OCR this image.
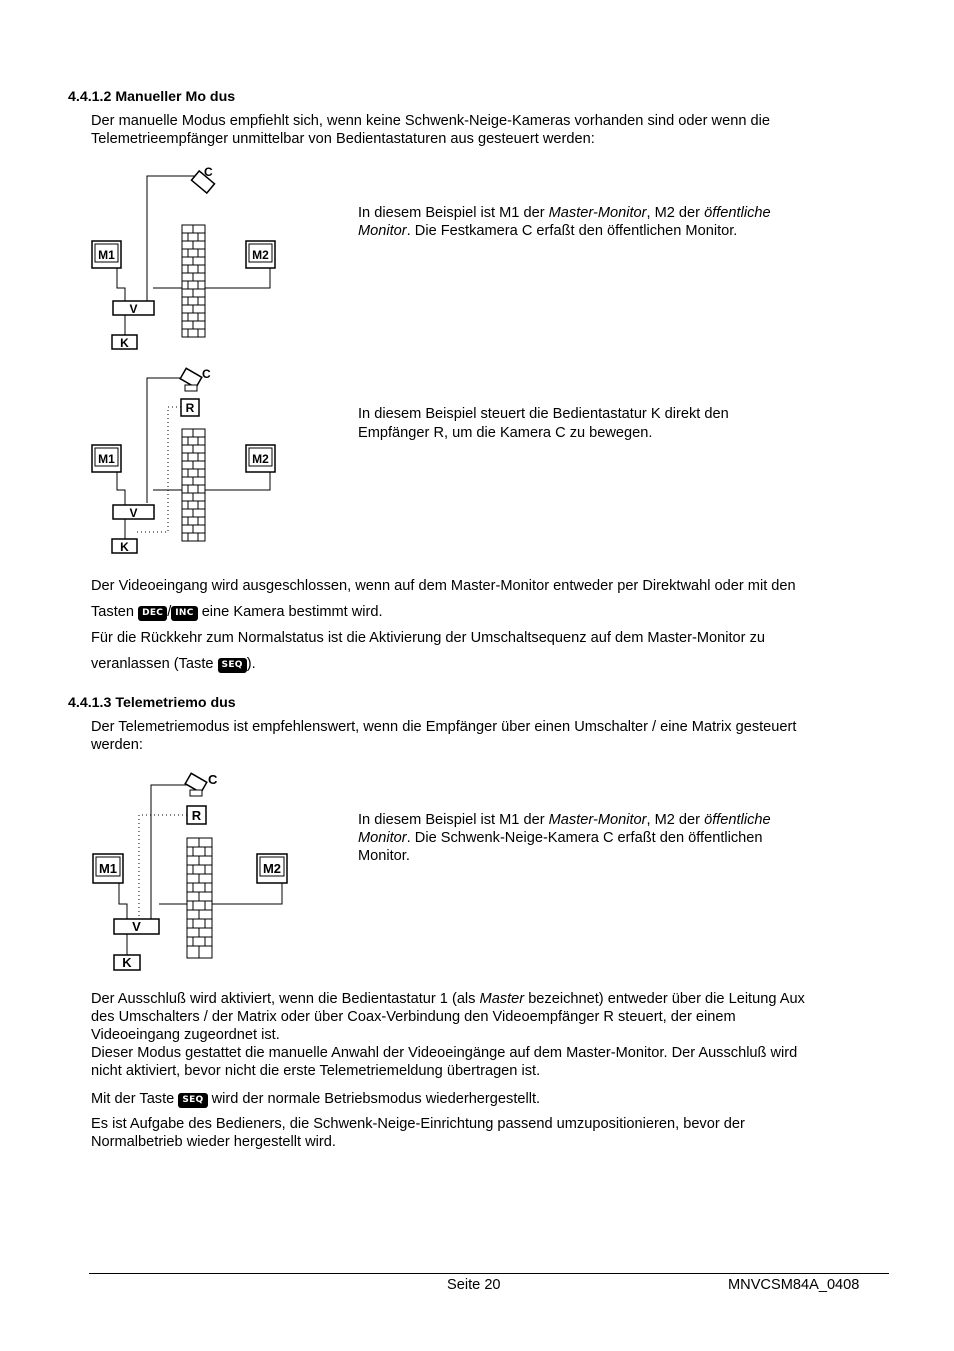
4.4.1.2 Manueller Mo dus
Der manuelle Modus empfiehlt sich, wenn keine Schwenk-Neige-Kameras vorhanden sind oder wenn die
Telemetrieempfänger unmittelbar von Bedientastaturen aus gesteuert werden:
M1	M2
V
K
C
In diesem Beispiel ist M1 der Master-Monitor, M2 der öffentliche
Monitor. Die Festkamera C erfaßt den öffentlichen Monitor.
M1	M2
V
K
R
C
In diesem Beispiel steuert die Bedientastatur K direkt den
Empfänger R, um die Kamera C zu bewegen.
Der Videoeingang wird ausgeschlossen, wenn auf dem Master-Monitor entweder per Direktwahl oder mit den
Tasten DEC / INC eine Kamera bestimmt wird.
Für die Rückkehr zum Normalstatus ist die Aktivierung der Umschaltsequenz auf dem Master-Monitor zu
veranlassen (Taste SEQ ).
4.4.1.3 Telemetriemo dus
Der Telemetriemodus ist empfehlenswert, wenn die Empfänger über einen Umschalter / eine Matrix gesteuert
werden:
M1	M2
V
K
R
C
In diesem Beispiel ist M1 der Master-Monitor, M2 der öffentliche
Monitor. Die Schwenk-Neige-Kamera C erfaßt den öffentlichen
Monitor.
Der Ausschluß wird aktiviert, wenn die Bedientastatur 1 (als Master bezeichnet) entweder über die Leitung Aux
des Umschalters / der Matrix oder über Coax-Verbindung den Videoempfänger R steuert, der einem
Videoeingang zugeordnet ist.
Dieser Modus gestattet die manuelle Anwahl der Videoeingänge auf dem Master-Monitor. Der Ausschluß wird
nicht aktiviert, bevor nicht die erste Telemetriemeldung übertragen ist.
Mit der Taste SEQ wird der normale Betriebsmodus wiederhergestellt.
Es ist Aufgabe des Bedieners, die Schwenk-Neige-Einrichtung passend umzupositionieren, bevor der
Normalbetrieb wieder hergestellt wird.
Seite 20	MNVCSM84A_0408
